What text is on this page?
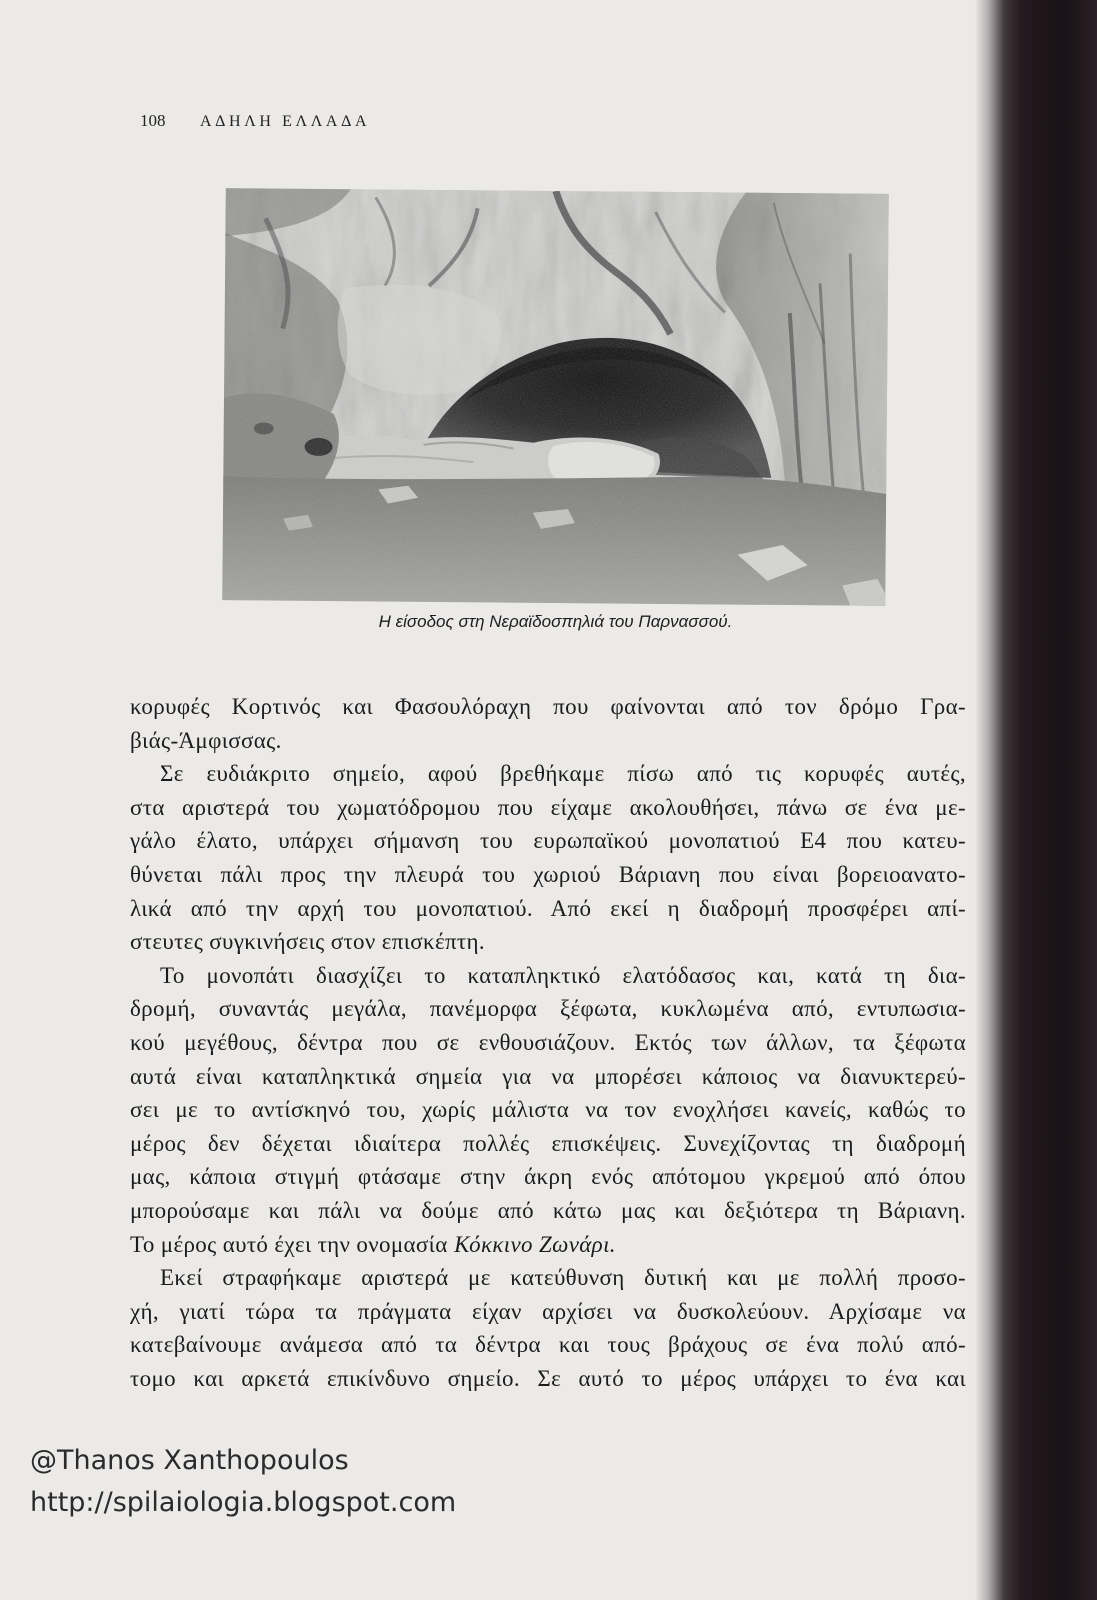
108 ΑΔΗΛΗ ΕΛΛΑΔΑ
Η είσοδος στη Νεραϊδοσπηλιά του Παρνασσού.
κορυφές Κορτινός και Φασουλόραχη που φαίνονται από τον δρόμο Γρα-
βιάς-Άμφισσας.
Σε ευδιάκριτο σημείο, αφού βρεθήκαμε πίσω από τις κορυφές αυτές,
στα αριστερά του χωματόδρομου που είχαμε ακολουθήσει, πάνω σε ένα με-
γάλο έλατο, υπάρχει σήμανση του ευρωπαϊκού μονοπατιού Ε4 που κατευ-
θύνεται πάλι προς την πλευρά του χωριού Βάριανη που είναι βορειοανατο-
λικά από την αρχή του μονοπατιού. Από εκεί η διαδρομή προσφέρει απί-
στευτες συγκινήσεις στον επισκέπτη.
Το μονοπάτι διασχίζει το καταπληκτικό ελατόδασος και, κατά τη δια-
δρομή, συναντάς μεγάλα, πανέμορφα ξέφωτα, κυκλωμένα από, εντυπωσια-
κού μεγέθους, δέντρα που σε ενθουσιάζουν. Εκτός των άλλων, τα ξέφωτα
αυτά είναι καταπληκτικά σημεία για να μπορέσει κάποιος να διανυκτερεύ-
σει με το αντίσκηνό του, χωρίς μάλιστα να τον ενοχλήσει κανείς, καθώς το
μέρος δεν δέχεται ιδιαίτερα πολλές επισκέψεις. Συνεχίζοντας τη διαδρομή
μας, κάποια στιγμή φτάσαμε στην άκρη ενός απότομου γκρεμού από όπου
μπορούσαμε και πάλι να δούμε από κάτω μας και δεξιότερα τη Βάριανη.
Το μέρος αυτό έχει την ονομασία Κόκκινο Ζωνάρι.
Εκεί στραφήκαμε αριστερά με κατεύθυνση δυτική και με πολλή προσο-
χή, γιατί τώρα τα πράγματα είχαν αρχίσει να δυσκολεύουν. Αρχίσαμε να
κατεβαίνουμε ανάμεσα από τα δέντρα και τους βράχους σε ένα πολύ από-
τομο και αρκετά επικίνδυνο σημείο. Σε αυτό το μέρος υπάρχει το ένα και
@Thanos Xanthopoulos
http://spilaiologia.blogspot.com
